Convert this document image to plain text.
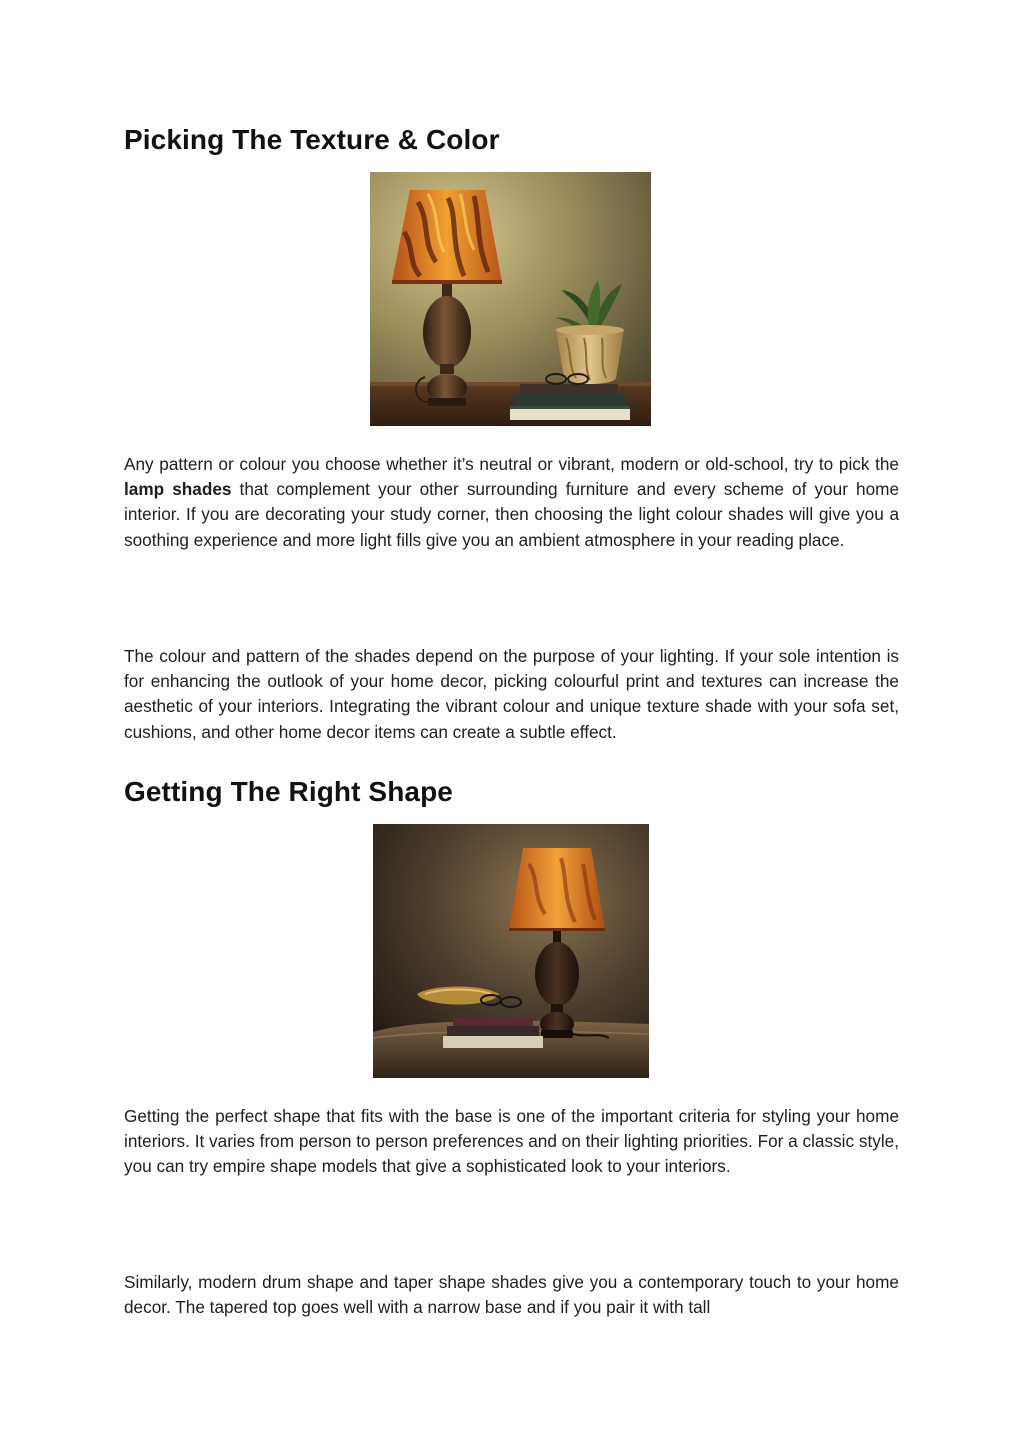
Picking The Texture & Color

Any pattern or colour you choose whether it’s neutral or vibrant, modern or old-school, try to pick the lamp shades that complement your other surrounding furniture and every scheme of your home interior. If you are decorating your study corner, then choosing the light colour shades will give you a soothing experience and more light fills give you an ambient atmosphere in your reading place.

The colour and pattern of the shades depend on the purpose of your lighting. If your sole intention is for enhancing the outlook of your home decor, picking colourful print and textures can increase the aesthetic of your interiors. Integrating the vibrant colour and unique texture shade with your sofa set, cushions, and other home decor items can create a subtle effect.

Getting The Right Shape

Getting the perfect shape that fits with the base is one of the important criteria for styling your home interiors. It varies from person to person preferences and on their lighting priorities. For a classic style, you can try empire shape models that give a sophisticated look to your interiors.

Similarly, modern drum shape and taper shape shades give you a contemporary touch to your home decor. The tapered top goes well with a narrow base and if you pair it with tall
